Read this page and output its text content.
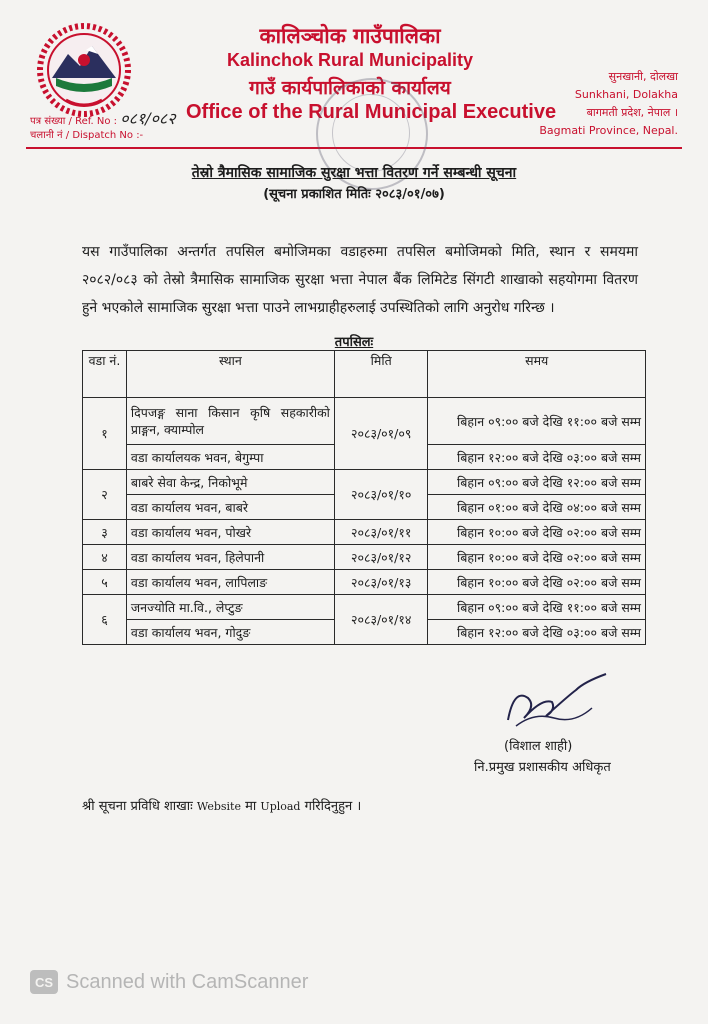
कालिञ्चोक गाउँपालिका
Kalinchok Rural Municipality
गाउँ कार्यपालिकाको कार्यालय
Office of the Rural Municipal Executive
पत्र संख्या / Ref. No : ०८१/०८२
चलानी नं / Dispatch No :-
सुनखानी, दोलखा
Sunkhani, Dolakha
बागमती प्रदेश, नेपाल ।
Bagmati Province, Nepal.
तेस्रो त्रैमासिक सामाजिक सुरक्षा भत्ता वितरण गर्ने सम्बन्धी सूचना
(सूचना प्रकाशित मितिः २०८३/०१/०७)
यस गाउँपालिका अन्तर्गत तपसिल बमोजिमका वडाहरुमा तपसिल बमोजिमको मिति, स्थान र समयमा २०८२/०८३ को तेस्रो त्रैमासिक सामाजिक सुरक्षा भत्ता नेपाल बैंक लिमिटेड सिंगटी शाखाको सहयोगमा वितरण हुने भएकोले सामाजिक सुरक्षा भत्ता पाउने लाभग्राहीहरुलाई उपस्थितिको लागि अनुरोध गरिन्छ ।
तपसिलः
वडा नं.	स्थान	मिति	समय
१	दिपजङ्ग साना किसान कृषि सहकारीको प्राङ्गन, क्याम्पोल	२०८३/०१/०९	बिहान ०९:०० बजे देखि ११:०० बजे सम्म
	वडा कार्यालयक भवन, बेगुम्पा		बिहान १२:०० बजे देखि ०३:०० बजे सम्म
२	बाबरे सेवा केन्द्र, निकोभूमे	२०८३/०१/१०	बिहान ०९:०० बजे देखि १२:०० बजे सम्म
	वडा कार्यालय भवन, बाबरे		बिहान ०१:०० बजे देखि ०४:०० बजे सम्म
३	वडा कार्यालय भवन, पोखरे	२०८३/०१/११	बिहान १०:०० बजे देखि ०२:०० बजे सम्म
४	वडा कार्यालय भवन, हिलेपानी	२०८३/०१/१२	बिहान १०:०० बजे देखि ०२:०० बजे सम्म
५	वडा कार्यालय भवन, लापिलाङ	२०८३/०१/१३	बिहान १०:०० बजे देखि ०२:०० बजे सम्म
६	जनज्योति मा.वि., लेप्टुङ	२०८३/०१/१४	बिहान ०९:०० बजे देखि ११:०० बजे सम्म
	वडा कार्यालय भवन, गोदुङ		बिहान १२:०० बजे देखि ०३:०० बजे सम्म
(विशाल शाही)
नि.प्रमुख प्रशासकीय अधिकृत
श्री सूचना प्रविधि शाखाः Website मा Upload गरिदिनुहुन ।
CS Scanned with CamScanner
